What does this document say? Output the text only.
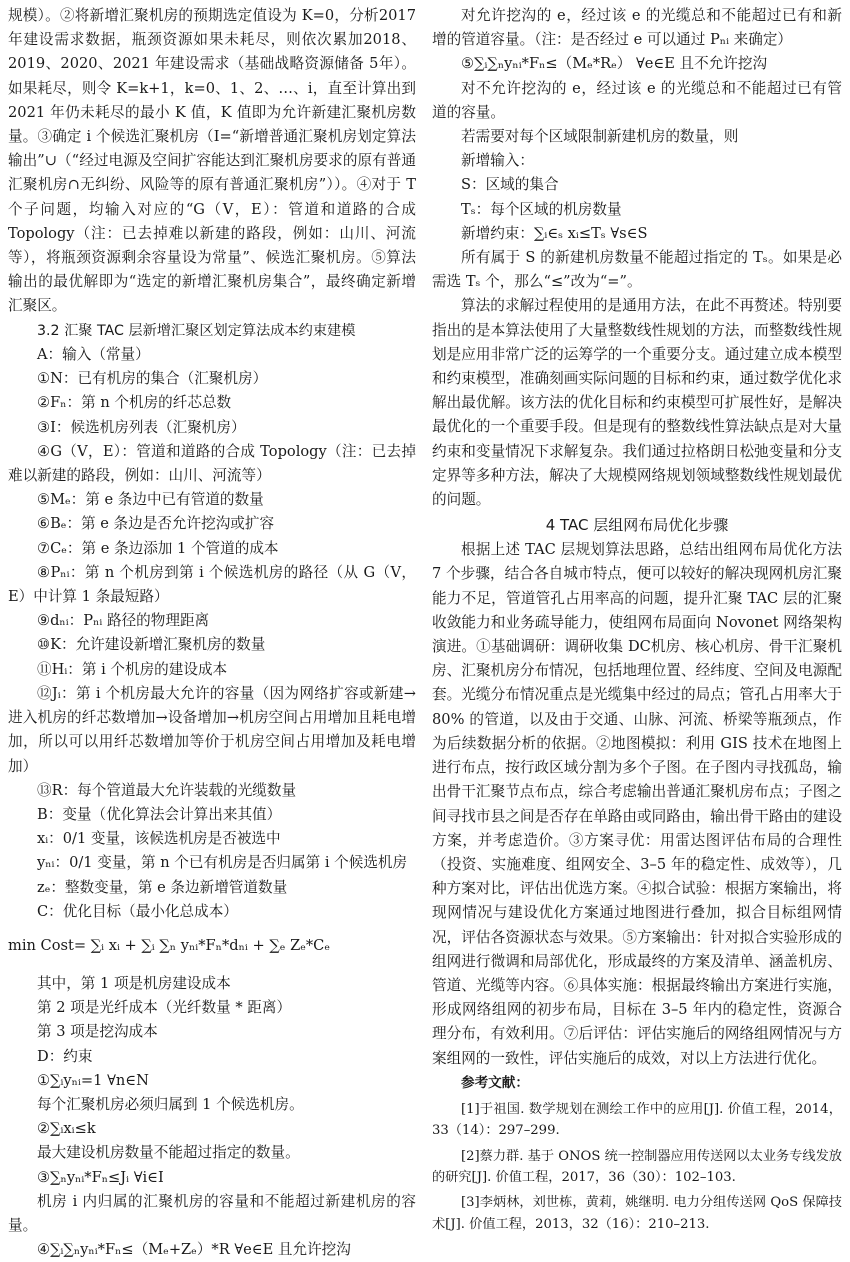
规模）。②将新增汇聚机房的预期选定值设为 K=0，分析2017 年建设需求数据，瓶颈资源如果未耗尽，则依次累加2018、2019、2020、2021 年建设需求（基础战略资源储备 5年）。如果耗尽，则令 K=k+1，k=0、1、2、…、i，直至计算出到2021 年仍未耗尽的最小 K 值，K 值即为允许新建汇聚机房数量。③确定 i 个候选汇聚机房（I=“新增普通汇聚机房划定算法输出”∪（“经过电源及空间扩容能达到汇聚机房要求的原有普通汇聚机房∩无纠纷、风险等的原有普通汇聚机房”））。④对于 T 个子问题，均输入对应的“G（V，E）：管道和道路的合成 Topology（注：已去掉难以新建的路段，例如：山川、河流等），将瓶颈资源剩余容量设为常量”、候选汇聚机房。⑤算法输出的最优解即为“选定的新增汇聚机房集合”，最终确定新增汇聚区。

3.2 汇聚 TAC 层新增汇聚区划定算法成本约束建模

A：输入（常量）

①N：已有机房的集合（汇聚机房）

②Fₙ：第 n 个机房的纤芯总数

③I：候选机房列表（汇聚机房）

④G（V，E）：管道和道路的合成 Topology（注：已去掉难以新建的路段，例如：山川、河流等）

⑤Mₑ：第 e 条边中已有管道的数量

⑥Bₑ：第 e 条边是否允许挖沟或扩容

⑦Cₑ：第 e 条边添加 1 个管道的成本

⑧Pₙᵢ：第 n 个机房到第 i 个候选机房的路径（从 G（V，E）中计算 1 条最短路）

⑨dₙᵢ：Pₙᵢ 路径的物理距离

⑩K：允许建设新增汇聚机房的数量

⑪Hᵢ：第 i 个机房的建设成本

⑫Jᵢ：第 i 个机房最大允许的容量（因为网络扩容或新建→进入机房的纤芯数增加→设备增加→机房空间占用增加且耗电增加，所以可以用纤芯数增加等价于机房空间占用增加及耗电增加）

⑬R：每个管道最大允许装载的光缆数量

B：变量（优化算法会计算出来其值）

xᵢ：0/1 变量，该候选机房是否被选中

yₙᵢ：0/1 变量，第 n 个已有机房是否归属第 i 个候选机房

zₑ：整数变量，第 e 条边新增管道数量

C：优化目标（最小化总成本）

min Cost= ∑ᵢ xᵢ + ∑ᵢ ∑ₙ yₙᵢ*Fₙ*dₙᵢ + ∑ₑ Zₑ*Cₑ

其中，第 1 项是机房建设成本

第 2 项是光纤成本（光纤数量 * 距离）

第 3 项是挖沟成本

D：约束

①∑ᵢyₙᵢ=1 ∀n∈N

每个汇聚机房必须归属到 1 个候选机房。

②∑ᵢxᵢ≤k

最大建设机房数量不能超过指定的数量。

③∑ₙyₙᵢ*Fₙ≤Jᵢ ∀i∈I

机房 i 内归属的汇聚机房的容量和不能超过新建机房的容量。

④∑ᵢ∑ₙyₙᵢ*Fₙ≤（Mₑ+Zₑ）*R ∀e∈E 且允许挖沟

对允许挖沟的 e，经过该 e 的光缆总和不能超过已有和新增的管道容量。（注：是否经过 e 可以通过 Pₙᵢ 来确定）

⑤∑ᵢ∑ₙyₙᵢ*Fₙ≤（Mₑ*Rₑ） ∀e∈E 且不允许挖沟

对不允许挖沟的 e，经过该 e 的光缆总和不能超过已有管道的容量。

若需要对每个区域限制新建机房的数量，则

新增输入：

S：区域的集合

Tₛ：每个区域的机房数量

新增约束：∑ᵢ∈ₛ xᵢ≤Tₛ ∀s∈S

所有属于 S 的新建机房数量不能超过指定的 Tₛ。如果是必需选 Tₛ 个，那么“≤”改为“=”。

算法的求解过程使用的是通用方法，在此不再赘述。特别要指出的是本算法使用了大量整数线性规划的方法，而整数线性规划是应用非常广泛的运筹学的一个重要分支。通过建立成本模型和约束模型，准确刻画实际问题的目标和约束，通过数学优化求解出最优解。该方法的优化目标和约束模型可扩展性好，是解决最优化的一个重要手段。但是现有的整数线性算法缺点是对大量约束和变量情况下求解复杂。我们通过拉格朗日松弛变量和分支定界等多种方法，解决了大规模网络规划领域整数线性规划最优的问题。

4 TAC 层组网布局优化步骤

根据上述 TAC 层规划算法思路，总结出组网布局优化方法 7 个步骤，结合各自城市特点，便可以较好的解决现网机房汇聚能力不足，管道管孔占用率高的问题，提升汇聚 TAC 层的汇聚收敛能力和业务疏导能力，使组网布局面向 Novonet 网络架构演进。①基础调研：调研收集 DC机房、核心机房、骨干汇聚机房、汇聚机房分布情况，包括地理位置、经纬度、空间及电源配套。光缆分布情况重点是光缆集中经过的局点；管孔占用率大于 80% 的管道，以及由于交通、山脉、河流、桥梁等瓶颈点，作为后续数据分析的依据。②地图模拟：利用 GIS 技术在地图上进行布点，按行政区域分割为多个子图。在子图内寻找孤岛，输出骨干汇聚节点布点，综合考虑输出普通汇聚机房布点；子图之间寻找市县之间是否存在单路由或同路由，输出骨干路由的建设方案，并考虑造价。③方案寻优：用雷达图评估布局的合理性（投资、实施难度、组网安全、3–5 年的稳定性、成效等），几种方案对比，评估出优选方案。④拟合试验：根据方案输出，将现网情况与建设优化方案通过地图进行叠加，拟合目标组网情况，评估各资源状态与效果。⑤方案输出：针对拟合实验形成的组网进行微调和局部优化，形成最终的方案及清单、涵盖机房、管道、光缆等内容。⑥具体实施：根据最终输出方案进行实施，形成网络组网的初步布局，目标在 3–5 年内的稳定性，资源合理分布，有效利用。⑦后评估：评估实施后的网络组网情况与方案组网的一致性，评估实施后的成效，对以上方法进行优化。

参考文献：

[1]于祖国. 数学规划在测绘工作中的应用[J]. 价值工程，2014，33（14）：297–299.

[2]蔡力群. 基于 ONOS 统一控制器应用传送网以太业务专线发放的研究[J]. 价值工程，2017，36（30）：102–103.

[3]李炳林，刘世栋，黄莉，姚继明. 电力分组传送网 QoS 保障技术[J]. 价值工程，2013，32（16）：210–213.
